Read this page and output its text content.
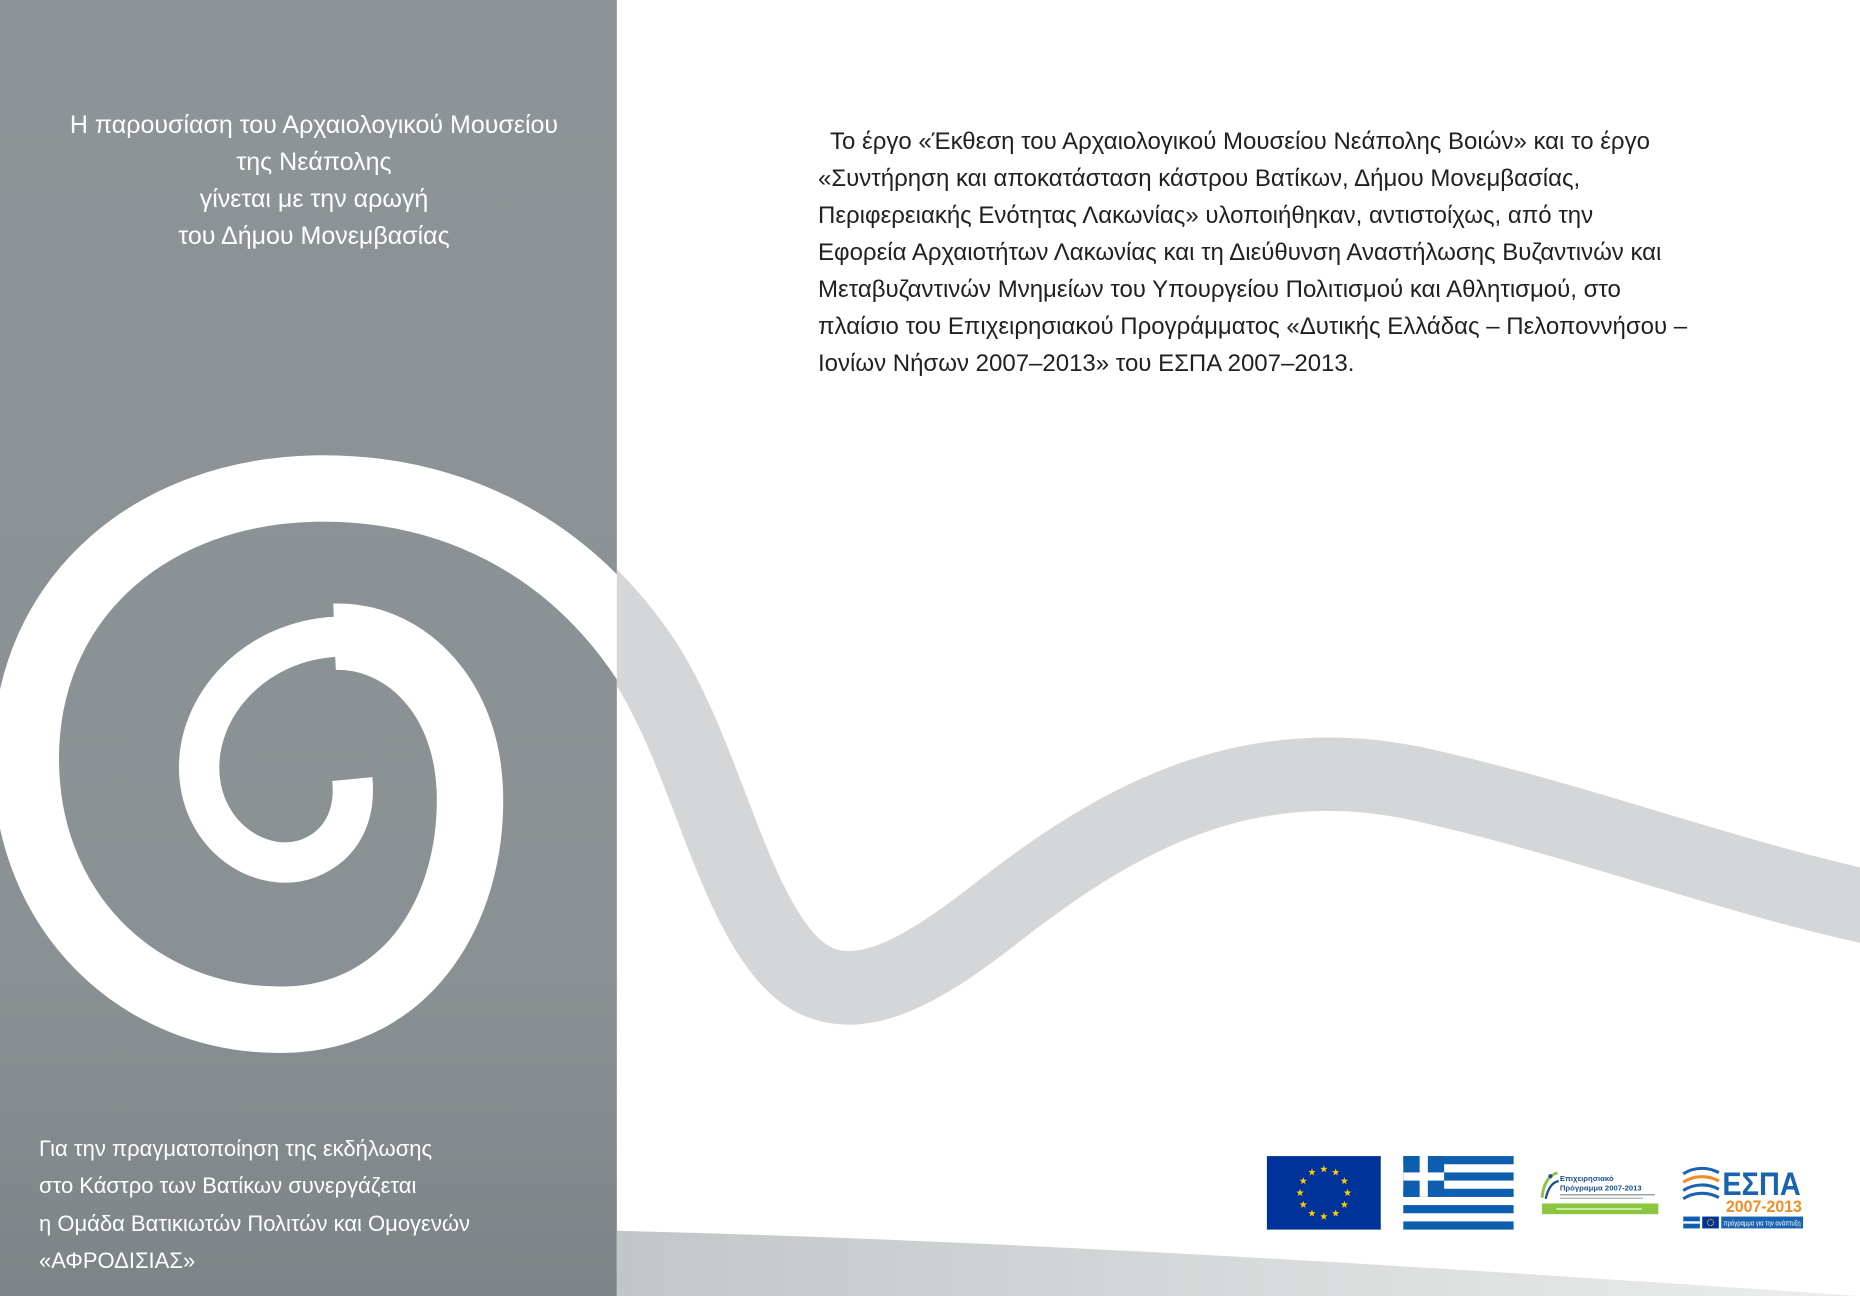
Επιχειρησιακό
Πρόγραμμα 2007-2013	ΕΣΠΑ
2007-2013
πρόγραμμα για την ανάπτυξη
Η παρουσίαση του Αρχαιολογικού Μουσείου
της Νεάπολης
γίνεται με την αρωγή
του Δήμου Μονεμβασίας
Το έργο «Έκθεση του Αρχαιολογικού Μουσείου Νεάπολης Βοιών» και το έργο
«Συντήρηση και αποκατάσταση κάστρου Βατίκων, Δήμου Μονεμβασίας,
Περιφερειακής Ενότητας Λακωνίας» υλοποιήθηκαν, αντιστοίχως, από την
Εφορεία Αρχαιοτήτων Λακωνίας και τη Διεύθυνση Αναστήλωσης Βυζαντινών και
Μεταβυζαντινών Μνημείων του Υπουργείου Πολιτισμού και Αθλητισμού, στο
πλαίσιο του Επιχειρησιακού Προγράμματος «Δυτικής Ελλάδας – Πελοποννήσου –
Ιονίων Νήσων 2007–2013» του ΕΣΠΑ 2007–2013.
Για την πραγματοποίηση της εκδήλωσης
στο Κάστρο των Βατίκων συνεργάζεται
η Ομάδα Βατικιωτών Πολιτών και Ομογενών
«ΑΦΡΟΔΙΣΙΑΣ»
